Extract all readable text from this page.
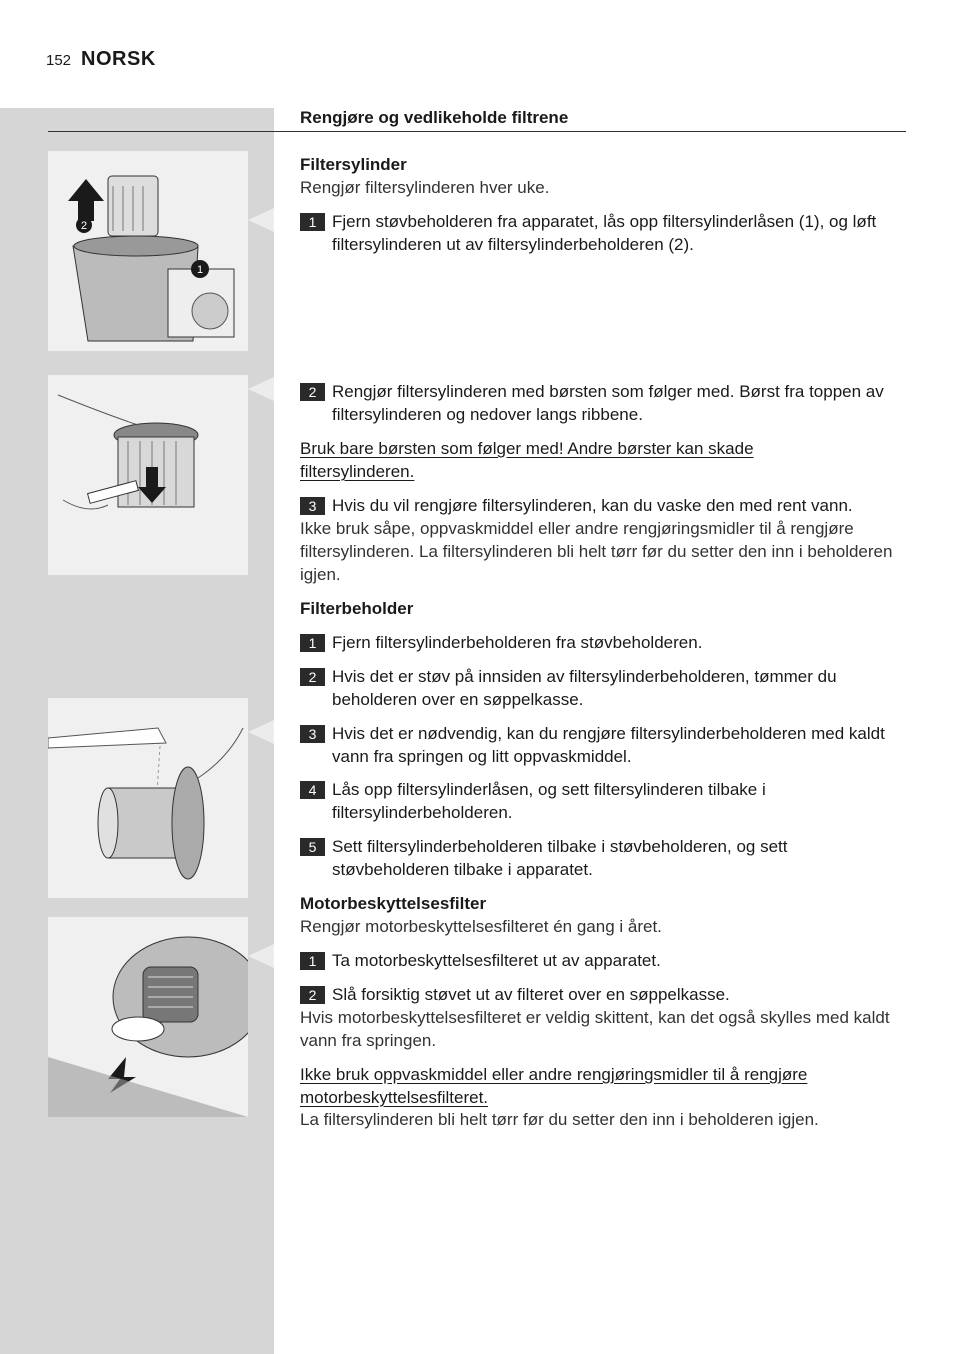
152 NORSK
Rengjøre og vedlikeholde filtrene
2
1
Filtersylinder
Rengjør filtersylinderen hver uke.
1 Fjern støvbeholderen fra apparatet, lås opp filtersylinderlåsen (1), og løft filtersylinderen ut av filtersylinderbeholderen (2).
2 Rengjør filtersylinderen med børsten som følger med. Børst fra toppen av filtersylinderen og nedover langs ribbene.
Bruk bare børsten som følger med! Andre børster kan skade filtersylinderen.
3 Hvis du vil rengjøre filtersylinderen, kan du vaske den med rent vann.
Ikke bruk såpe, oppvaskmiddel eller andre rengjøringsmidler til å rengjøre filtersylinderen. La filtersylinderen bli helt tørr før du setter den inn i beholderen igjen.
Filterbeholder
1 Fjern filtersylinderbeholderen fra støvbeholderen.
2 Hvis det er støv på innsiden av filtersylinderbeholderen, tømmer du beholderen over en søppelkasse.
3 Hvis det er nødvendig, kan du rengjøre filtersylinderbeholderen med kaldt vann fra springen og litt oppvaskmiddel.
4 Lås opp filtersylinderlåsen, og sett filtersylinderen tilbake i filtersylinderbeholderen.
5 Sett filtersylinderbeholderen tilbake i støvbeholderen, og sett støvbeholderen tilbake i apparatet.
Motorbeskyttelsesfilter
Rengjør motorbeskyttelsesfilteret én gang i året.
1 Ta motorbeskyttelsesfilteret ut av apparatet.
2 Slå forsiktig støvet ut av filteret over en søppelkasse.
Hvis motorbeskyttelsesfilteret er veldig skittent, kan det også skylles med kaldt vann fra springen.
Ikke bruk oppvaskmiddel eller andre rengjøringsmidler til å rengjøre motorbeskyttelsesfilteret.
La filtersylinderen bli helt tørr før du setter den inn i beholderen igjen.
